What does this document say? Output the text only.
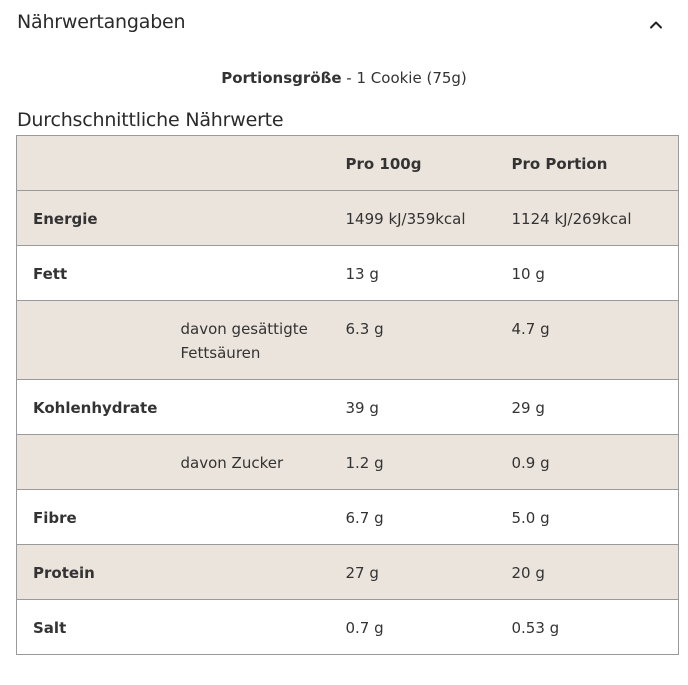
Nährwertangaben
Portionsgröße - 1 Cookie (75g)
Durchschnittliche Nährwerte

		Pro 100g	Pro Portion

Energie		1499 kJ/359kcal	1124 kJ/269kcal

Fett		13 g	10 g

	davon gesättigte Fettsäuren	6.3 g	4.7 g

Kohlenhydrate		39 g	29 g

	davon Zucker	1.2 g	0.9 g

Fibre		6.7 g	5.0 g

Protein		27 g	20 g

Salt		0.7 g	0.53 g
